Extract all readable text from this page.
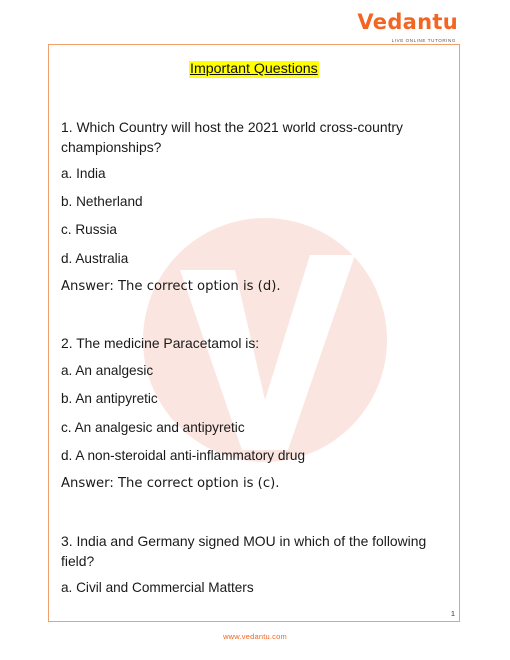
Vedantu
LIVE ONLINE TUTORING
Important Questions
1. Which Country will host the 2021 world cross-country
championships?
a. India
b. Netherland
c. Russia
d. Australia
Answer: The correct option is (d).
2. The medicine Paracetamol is:
a. An analgesic
b. An antipyretic
c. An analgesic and antipyretic
d. A non-steroidal anti-inflammatory drug
Answer: The correct option is (c).
3. India and Germany signed MOU in which of the following
field?
a. Civil and Commercial Matters
1
www.vedantu.com
